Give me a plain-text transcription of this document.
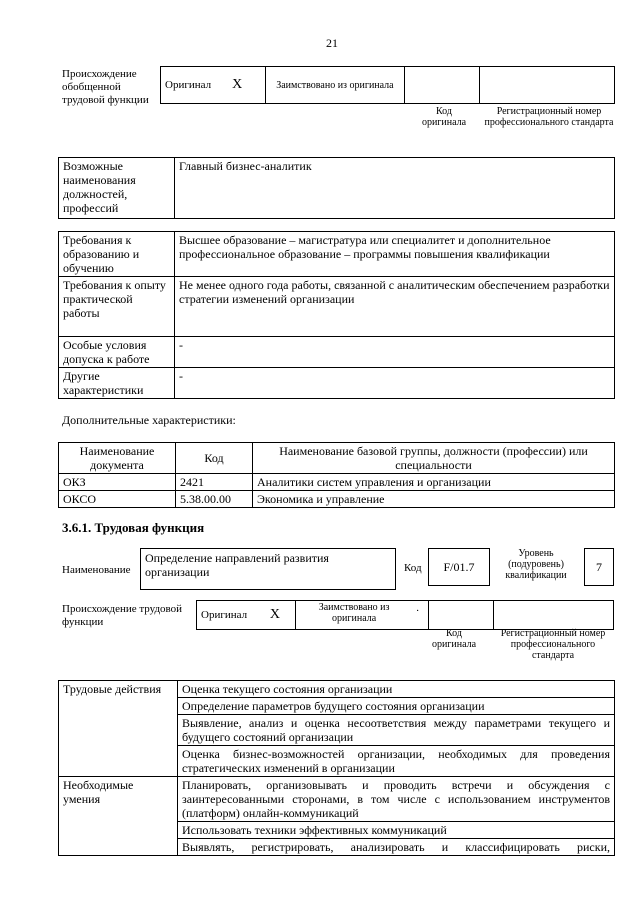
21
Происхождение обобщенной трудовой функции
Оригинал	X	Заимствовано из оригинала		
Код оригинала
Регистрационный номер профессионального стандарта
Возможные наименования должностей, профессий	Главный бизнес-аналитик
Требования к образованию и обучению	Высшее образование – магистратура или специалитет и дополнительное профессиональное образование – программы повышения квалификации
Требования к опыту практической работы	Не менее одного года работы, связанной с аналитическим обеспечением разработки стратегии изменений организации
Особые условия допуска к работе	-
Другие характеристики	-
Дополнительные характеристики:
Наименование документа	Код	Наименование базовой группы, должности (профессии) или специальности
ОКЗ	2421	Аналитики систем управления и организации
ОКСО	5.38.00.00	Экономика и управление
3.6.1. Трудовая функция
Наименование
Определение направлений развития организации	Код	F/01.7
Уровень (подуровень) квалификации
7
Происхождение трудовой функции
Оригинал	X	Заимствовано из оригинала	.		
Код оригинала
Регистрационный номер профессионального стандарта
Трудовые действия	Оценка текущего состояния организации
	Определение параметров будущего состояния организации
	Выявление, анализ и оценка несоответствия между параметрами текущего и будущего состояний организации
	Оценка бизнес-возможностей организации, необходимых для проведения стратегических изменений в организации
Необходимые умения	Планировать, организовывать и проводить встречи и обсуждения с заинтересованными сторонами, в том числе с использованием инструментов (платформ) онлайн-коммуникаций
	Использовать техники эффективных коммуникаций
	Выявлять, регистрировать, анализировать и классифицировать риски,
